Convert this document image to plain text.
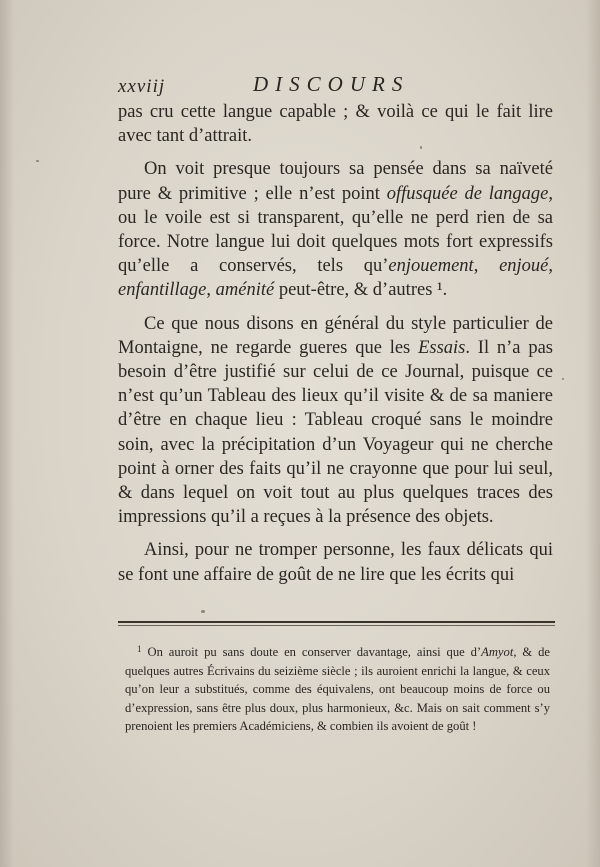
xxviij	DISCOURS

pas cru cette langue capable ; & voilà ce qui le fait lire avec tant d’attrait.

On voit presque toujours sa pensée dans sa naïveté pure & primitive ; elle n’est point offusquée de langage, ou le voile est si transparent, qu’elle ne perd rien de sa force. Notre langue lui doit quelques mots fort expressifs qu’elle a conservés, tels qu’enjouement, enjoué, enfantillage, aménité peut-être, & d’autres ¹.

Ce que nous disons en général du style particulier de Montaigne, ne regarde gueres que les Essais. Il n’a pas besoin d’être justifié sur celui de ce Journal, puisque ce n’est qu’un Tableau des lieux qu’il visite & de sa maniere d’être en chaque lieu : Tableau croqué sans le moindre soin, avec la précipitation d’un Voyageur qui ne cherche point à orner des faits qu’il ne crayonne que pour lui seul, & dans lequel on voit tout au plus quelques traces des impressions qu’il a reçues à la présence des objets.

Ainsi, pour ne tromper personne, les faux délicats qui se font une affaire de goût de ne lire que les écrits qui

$^1$ On auroit pu sans doute en conserver davantage, ainsi que d’Amyot, & de quelques autres Écrivains du seizième siècle ; ils auroient enrichi la langue, & ceux qu’on leur a substitués, comme des équivalens, ont beaucoup moins de force ou d’expression, sans être plus doux, plus harmonieux, &c. Mais on sait comment s’y prenoient les premiers Académiciens, & combien ils avoient de goût !
